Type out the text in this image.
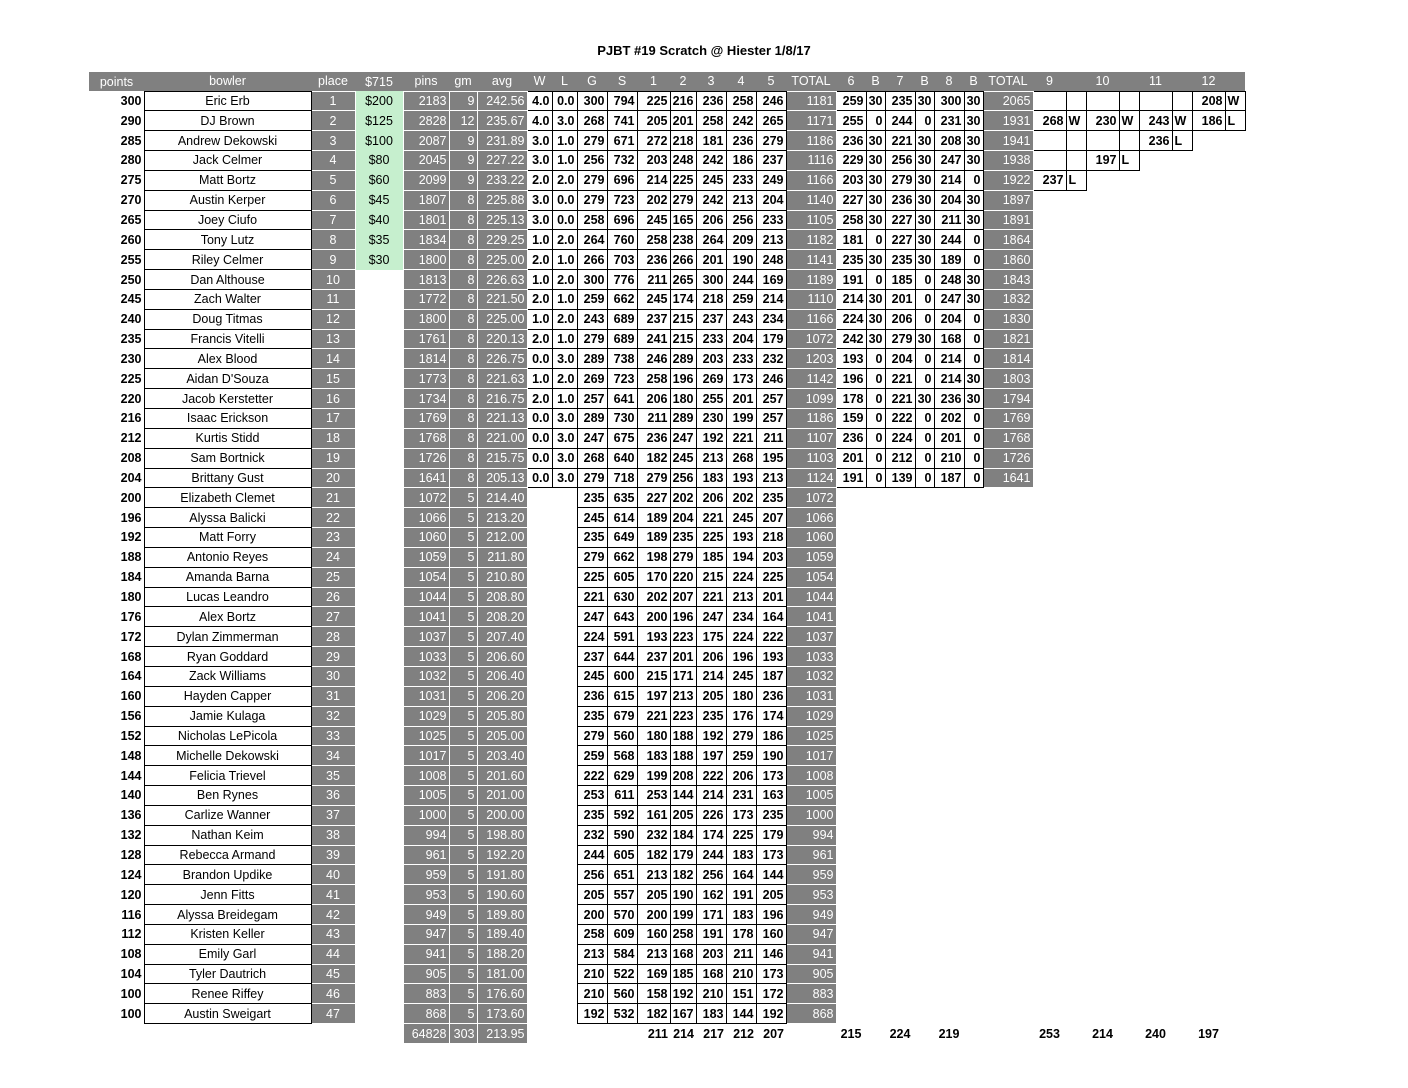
PJBT #19 Scratch @ Hiester 1/8/17
points	bowler	place	$715	pins	gm	avg	W	L	G	S	1	2	3	4	5	TOTAL	6	B	7	B	8	B	TOTAL	9		10		11		12	
300	Eric Erb	1	$200	2183	9	242.56	4.0	0.0	300	794	225	216	236	258	246	1181	259	30	235	30	300	30	2065							208	W
290	DJ Brown	2	$125	2828	12	235.67	4.0	3.0	268	741	205	201	258	242	265	1171	255	0	244	0	231	30	1931	268	W	230	W	243	W	186	L
285	Andrew Dekowski	3	$100	2087	9	231.89	3.0	1.0	279	671	272	218	181	236	279	1186	236	30	221	30	208	30	1941					236	L		
280	Jack Celmer	4	$80	2045	9	227.22	3.0	1.0	256	732	203	248	242	186	237	1116	229	30	256	30	247	30	1938			197	L				
275	Matt Bortz	5	$60	2099	9	233.22	2.0	2.0	279	696	214	225	245	233	249	1166	203	30	279	30	214	0	1922	237	L						
270	Austin Kerper	6	$45	1807	8	225.88	3.0	0.0	279	723	202	279	242	213	204	1140	227	30	236	30	204	30	1897								
265	Joey Ciufo	7	$40	1801	8	225.13	3.0	0.0	258	696	245	165	206	256	233	1105	258	30	227	30	211	30	1891								
260	Tony Lutz	8	$35	1834	8	229.25	1.0	2.0	264	760	258	238	264	209	213	1182	181	0	227	30	244	0	1864								
255	Riley Celmer	9	$30	1800	8	225.00	2.0	1.0	266	703	236	266	201	190	248	1141	235	30	235	30	189	0	1860								
250	Dan Althouse	10		1813	8	226.63	1.0	2.0	300	776	211	265	300	244	169	1189	191	0	185	0	248	30	1843								
245	Zach Walter	11		1772	8	221.50	2.0	1.0	259	662	245	174	218	259	214	1110	214	30	201	0	247	30	1832								
240	Doug Titmas	12		1800	8	225.00	1.0	2.0	243	689	237	215	237	243	234	1166	224	30	206	0	204	0	1830								
235	Francis Vitelli	13		1761	8	220.13	2.0	1.0	279	689	241	215	233	204	179	1072	242	30	279	30	168	0	1821								
230	Alex Blood	14		1814	8	226.75	0.0	3.0	289	738	246	289	203	233	232	1203	193	0	204	0	214	0	1814								
225	Aidan D'Souza	15		1773	8	221.63	1.0	2.0	269	723	258	196	269	173	246	1142	196	0	221	0	214	30	1803								
220	Jacob Kerstetter	16		1734	8	216.75	2.0	1.0	257	641	206	180	255	201	257	1099	178	0	221	30	236	30	1794								
216	Isaac Erickson	17		1769	8	221.13	0.0	3.0	289	730	211	289	230	199	257	1186	159	0	222	0	202	0	1769								
212	Kurtis Stidd	18		1768	8	221.00	0.0	3.0	247	675	236	247	192	221	211	1107	236	0	224	0	201	0	1768								
208	Sam Bortnick	19		1726	8	215.75	0.0	3.0	268	640	182	245	213	268	195	1103	201	0	212	0	210	0	1726								
204	Brittany Gust	20		1641	8	205.13	0.0	3.0	279	718	279	256	183	193	213	1124	191	0	139	0	187	0	1641								
200	Elizabeth Clemet	21		1072	5	214.40			235	635	227	202	206	202	235	1072															
196	Alyssa Balicki	22		1066	5	213.20			245	614	189	204	221	245	207	1066															
192	Matt Forry	23		1060	5	212.00			235	649	189	235	225	193	218	1060															
188	Antonio Reyes	24		1059	5	211.80			279	662	198	279	185	194	203	1059															
184	Amanda Barna	25		1054	5	210.80			225	605	170	220	215	224	225	1054															
180	Lucas Leandro	26		1044	5	208.80			221	630	202	207	221	213	201	1044															
176	Alex Bortz	27		1041	5	208.20			247	643	200	196	247	234	164	1041															
172	Dylan Zimmerman	28		1037	5	207.40			224	591	193	223	175	224	222	1037															
168	Ryan Goddard	29		1033	5	206.60			237	644	237	201	206	196	193	1033															
164	Zack Williams	30		1032	5	206.40			245	600	215	171	214	245	187	1032															
160	Hayden Capper	31		1031	5	206.20			236	615	197	213	205	180	236	1031															
156	Jamie Kulaga	32		1029	5	205.80			235	679	221	223	235	176	174	1029															
152	Nicholas LePicola	33		1025	5	205.00			279	560	180	188	192	279	186	1025															
148	Michelle Dekowski	34		1017	5	203.40			259	568	183	188	197	259	190	1017															
144	Felicia Trievel	35		1008	5	201.60			222	629	199	208	222	206	173	1008															
140	Ben Rynes	36		1005	5	201.00			253	611	253	144	214	231	163	1005															
136	Carlize Wanner	37		1000	5	200.00			235	592	161	205	226	173	235	1000															
132	Nathan Keim	38		994	5	198.80			232	590	232	184	174	225	179	994															
128	Rebecca Armand	39		961	5	192.20			244	605	182	179	244	183	173	961															
124	Brandon Updike	40		959	5	191.80			256	651	213	182	256	164	144	959															
120	Jenn Fitts	41		953	5	190.60			205	557	205	190	162	191	205	953															
116	Alyssa Breidegam	42		949	5	189.80			200	570	200	199	171	183	196	949															
112	Kristen Keller	43		947	5	189.40			258	609	160	258	191	178	160	947															
108	Emily Garl	44		941	5	188.20			213	584	213	168	203	211	146	941															
104	Tyler Dautrich	45		905	5	181.00			210	522	169	185	168	210	173	905															
100	Renee Riffey	46		883	5	176.60			210	560	158	192	210	151	172	883															
100	Austin Sweigart	47		868	5	173.60			192	532	182	167	183	144	192	868															
				64828	303	213.95					211	214	217	212	207		215		224		219			253		214		240		197	
